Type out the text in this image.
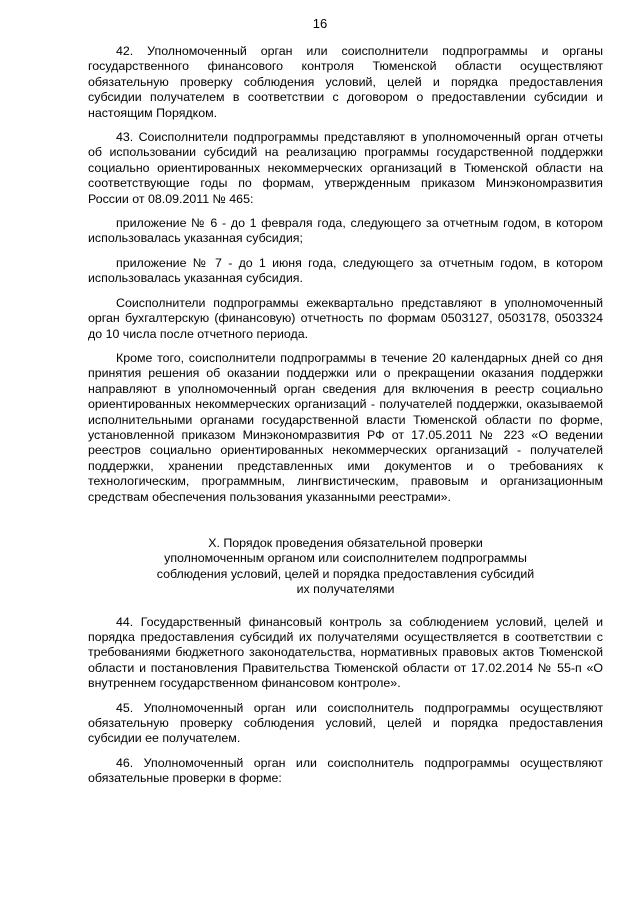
16

42. Уполномоченный орган или соисполнители подпрограммы и органы государственного финансового контроля Тюменской области осуществляют обязательную проверку соблюдения условий, целей и порядка предоставления субсидии получателем в соответствии с договором о предоставлении субсидии и настоящим Порядком.

43. Соисполнители подпрограммы представляют в уполномоченный орган отчеты об использовании субсидий на реализацию программы государственной поддержки социально ориентированных некоммерческих организаций в Тюменской области на соответствующие годы по формам, утвержденным приказом Минэкономразвития России от 08.09.2011 № 465:

приложение № 6 - до 1 февраля года, следующего за отчетным годом, в котором использовалась указанная субсидия;

приложение № 7 - до 1 июня года, следующего за отчетным годом, в котором использовалась указанная субсидия.

Соисполнители подпрограммы ежеквартально представляют в уполномоченный орган бухгалтерскую (финансовую) отчетность по формам 0503127, 0503178, 0503324 до 10 числа после отчетного периода.

Кроме того, соисполнители подпрограммы в течение 20 календарных дней со дня принятия решения об оказании поддержки или о прекращении оказания поддержки направляют в уполномоченный орган сведения для включения в реестр социально ориентированных некоммерческих организаций - получателей поддержки, оказываемой исполнительными органами государственной власти Тюменской области по форме, установленной приказом Минэкономразвития РФ от 17.05.2011 № 223 «О ведении реестров социально ориентированных некоммерческих организаций - получателей поддержки, хранении представленных ими документов и о требованиях к технологическим, программным, лингвистическим, правовым и организационным средствам обеспечения пользования указанными реестрами».

X. Порядок проведения обязательной проверки
уполномоченным органом или соисполнителем подпрограммы
соблюдения условий, целей и порядка предоставления субсидий
их получателями

44. Государственный финансовый контроль за соблюдением условий, целей и порядка предоставления субсидий их получателями осуществляется в соответствии с требованиями бюджетного законодательства, нормативных правовых актов Тюменской области и постановления Правительства Тюменской области от 17.02.2014 № 55-п «О внутреннем государственном финансовом контроле».

45. Уполномоченный орган или соисполнитель подпрограммы осуществляют обязательную проверку соблюдения условий, целей и порядка предоставления субсидии ее получателем.

46. Уполномоченный орган или соисполнитель подпрограммы осуществляют обязательные проверки в форме:
